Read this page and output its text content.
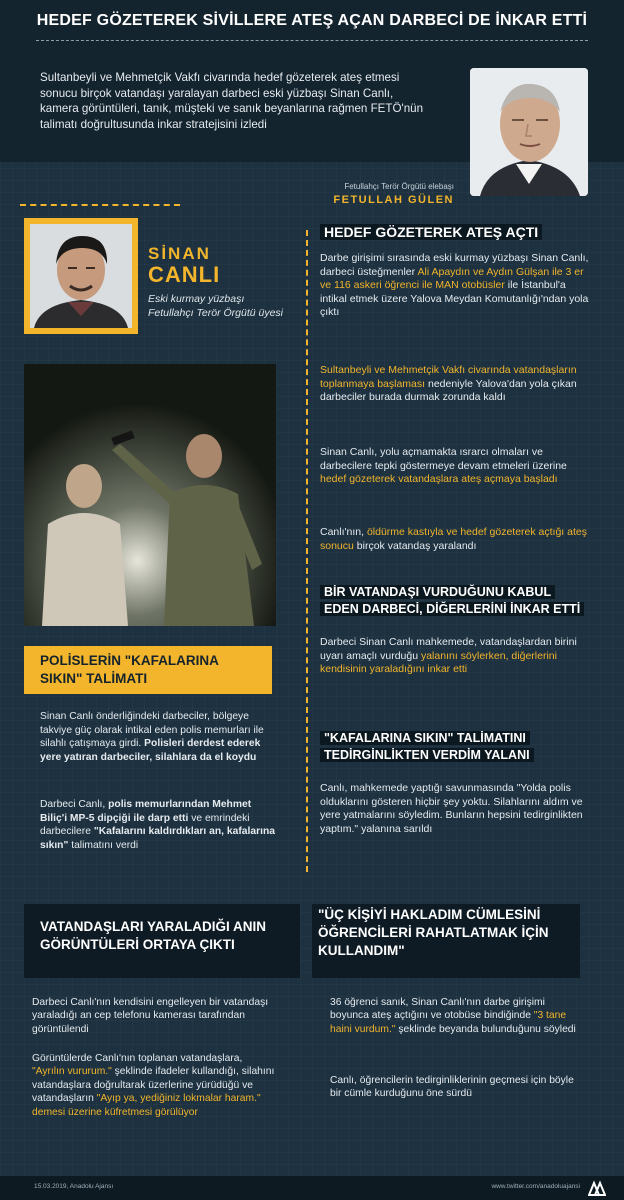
HEDEF GÖZETEREK SİVİLLERE ATEŞ AÇAN DARBECİ DE İNKAR ETTİ
Sultanbeyli ve Mehmetçik Vakfı civarında hedef gözeterek ateş etmesi sonucu birçok vatandaşı yaralayan darbeci eski yüzbaşı Sinan Canlı, kamera görüntüleri, tanık, müşteki ve sanık beyanlarına rağmen FETÖ'nün talimatı doğrultusunda inkar stratejisini izledi
Fetullahçı Terör Örgütü elebaşı
FETULLAH GÜLEN
SİNAN
CANLI
Eski kurmay yüzbaşı Fetullahçı Terör Örgütü üyesi
POLİSLERİN "KAFALARINA
SIKIN" TALİMATI
Sinan Canlı önderliğindeki darbeciler, bölgeye takviye güç olarak intikal eden polis memurları ile silahlı çatışmaya girdi. Polisleri derdest ederek yere yatıran darbeciler, silahlara da el koydu
Darbeci Canlı, polis memurlarından Mehmet Biliç'i MP-5 dipçiği ile darp etti ve emrindeki darbecilere "Kafalarını kaldırdıkları an, kafalarına sıkın" talimatını verdi
HEDEF GÖZETEREK ATEŞ AÇTI
Darbe girişimi sırasında eski kurmay yüzbaşı Sinan Canlı, darbeci üsteğmenler Ali Apaydın ve Aydın Gülşan ile 3 er ve 116 askeri öğrenci ile MAN otobüsler ile İstanbul'a intikal etmek üzere Yalova Meydan Komutanlığı'ndan yola çıktı
Sultanbeyli ve Mehmetçik Vakfı civarında vatandaşların toplanmaya başlaması nedeniyle Yalova'dan yola çıkan darbeciler burada durmak zorunda kaldı
Sinan Canlı, yolu açmamakta ısrarcı olmaları ve darbecilere tepki göstermeye devam etmeleri üzerine hedef gözeterek vatandaşlara ateş açmaya başladı
Canlı'nın, öldürme kastıyla ve hedef gözeterek açtığı ateş sonucu birçok vatandaş yaralandı
BİR VATANDAŞI VURDUĞUNU KABUL
EDEN DARBECİ, DİĞERLERİNİ İNKAR ETTİ
Darbeci Sinan Canlı mahkemede, vatandaşlardan birini uyarı amaçlı vurduğu yalanını söylerken, diğerlerini kendisinin yaraladığını inkar etti
"KAFALARINA SIKIN" TALİMATINI
TEDİRGİNLİKTEN VERDİM YALANI
Canlı, mahkemede yaptığı savunmasında "Yolda polis olduklarını gösteren hiçbir şey yoktu. Silahlarını aldım ve yere yatmalarını söyledim. Bunların hepsini tedirginlikten yaptım." yalanına sarıldı
VATANDAŞLARI YARALADIĞI ANIN
GÖRÜNTÜLERİ ORTAYA ÇIKTI
Darbeci Canlı'nın kendisini engelleyen bir vatandaşı yaraladığı an cep telefonu kamerası tarafından görüntülendi
Görüntülerde Canlı'nın toplanan vatandaşlara, "Ayrılın vururum." şeklinde ifadeler kullandığı, silahını vatandaşlara doğrultarak üzerlerine yürüdüğü ve vatandaşların "Ayıp ya, yediğiniz lokmalar haram." demesi üzerine küfretmesi görülüyor
"ÜÇ KİŞİYİ HAKLADIM CÜMLESİNİ
ÖĞRENCİLERİ RAHATLATMAK İÇİN
KULLANDIM"
36 öğrenci sanık, Sinan Canlı'nın darbe girişimi boyunca ateş açtığını ve otobüse bindiğinde "3 tane haini vurdum." şeklinde beyanda bulunduğunu söyledi
Canlı, öğrencilerin tedirginliklerinin geçmesi için böyle bir cümle kurduğunu öne sürdü
15.03.2019, Anadolu Ajansı	www.twitter.com/anadoluajansi
